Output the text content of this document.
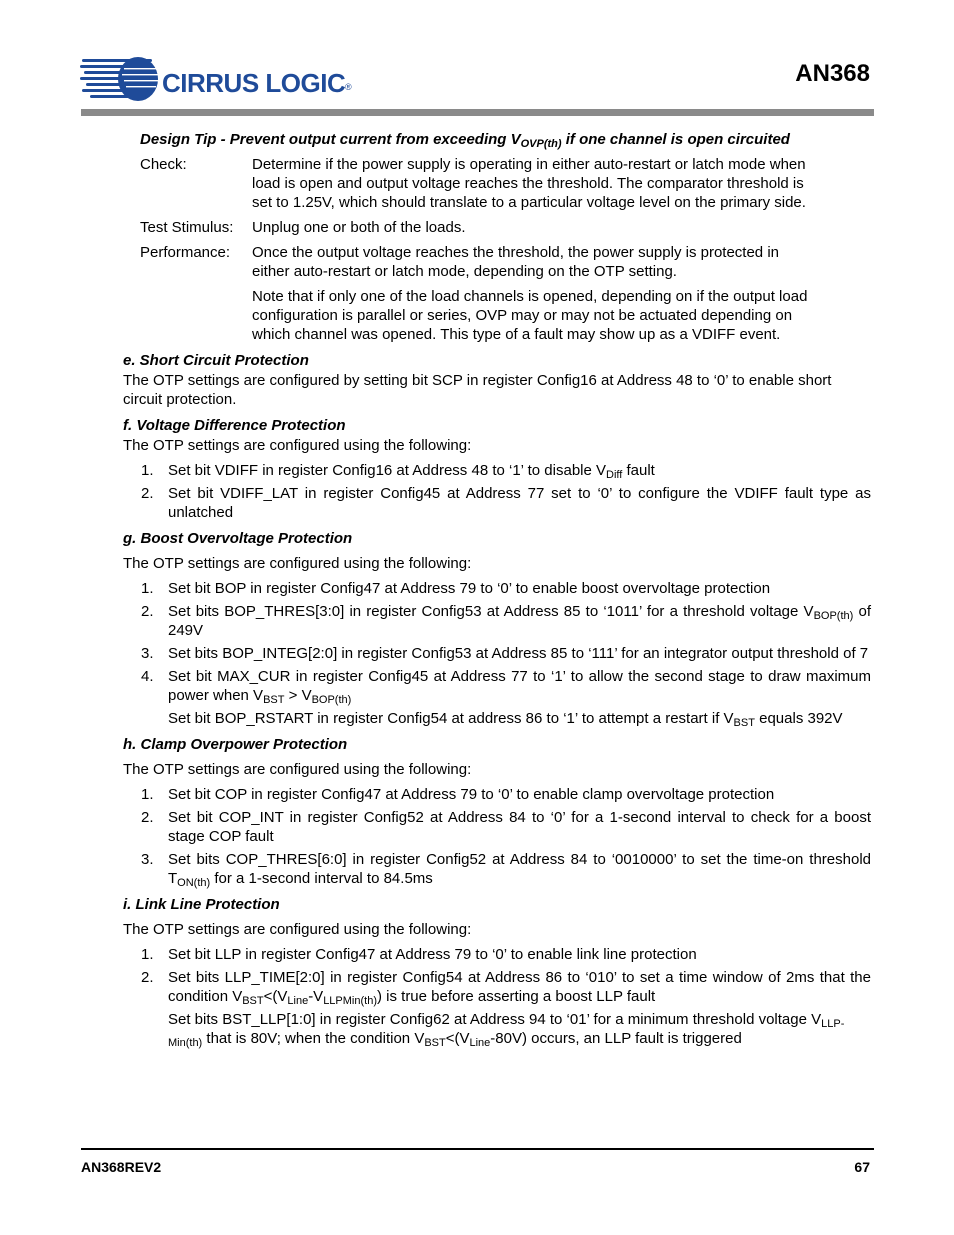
CIRRUS LOGIC ®	AN368
Design Tip - Prevent output current from exceeding $V_{OVP(th)}$ if one channel is open circuited
Check:	Determine if the power supply is operating in either auto-restart or latch mode when load is open and output voltage reaches the threshold. The comparator threshold is set to 1.25V, which should translate to a particular voltage level on the primary side.

Test Stimulus:	Unplug one or both of the loads.

Performance:	Once the output voltage reaches the threshold, the power supply is protected in either auto-restart or latch mode, depending on the OTP setting.

Note that if only one of the load channels is opened, depending on if the output load configuration is parallel or series, OVP may or may not be actuated depending on which channel was opened. This type of a fault may show up as a VDIFF event.

e. Short Circuit Protection
The OTP settings are configured by setting bit SCP in register Config16 at Address 48 to ‘0’ to enable short circuit protection.
f. Voltage Difference Protection
The OTP settings are configured using the following:
1. Set bit VDIFF in register Config16 at Address 48 to ‘1’ to disable $V_{Diff}$ fault
2. Set bit VDIFF_LAT in register Config45 at Address 77 set to ‘0’ to configure the VDIFF fault type as unlatched
g. Boost Overvoltage Protection
The OTP settings are configured using the following:
1. Set bit BOP in register Config47 at Address 79 to ‘0’ to enable boost overvoltage protection
2. Set bits BOP_THRES[3:0] in register Config53 at Address 85 to ‘1011’ for a threshold voltage $V_{BOP(th)}$ of 249V
3. Set bits BOP_INTEG[2:0] in register Config53 at Address 85 to ‘111’ for an integrator output threshold of 7
4. Set bit MAX_CUR in register Config45 at Address 77 to ‘1’ to allow the second stage to draw maximum power when $V_{BST} > V_{BOP(th)}$
Set bit BOP_RSTART in register Config54 at address 86 to ‘1’ to attempt a restart if $V_{BST}$ equals 392V
h. Clamp Overpower Protection
The OTP settings are configured using the following:
1. Set bit COP in register Config47 at Address 79 to ‘0’ to enable clamp overvoltage protection
2. Set bit COP_INT in register Config52 at Address 84 to ‘0’ for a 1-second interval to check for a boost stage COP fault
3. Set bits COP_THRES[6:0] in register Config52 at Address 84 to ‘0010000’ to set the time-on threshold $T_{ON(th)}$ for a 1-second interval to 84.5ms
i. Link Line Protection
The OTP settings are configured using the following:
1. Set bit LLP in register Config47 at Address 79 to ‘0’ to enable link line protection
2. Set bits LLP_TIME[2:0] in register Config54 at Address 86 to ‘010’ to set a time window of 2ms that the condition $V_{BST}<(V_{Line}-V_{LLPMin(th)})$ is true before asserting a boost LLP fault
Set bits BST_LLP[1:0] in register Config62 at Address 94 to ‘01’ for a minimum threshold voltage $V_{LLP-Min(th)}$ that is 80V; when the condition $V_{BST}<(V_{Line}-80V)$ occurs, an LLP fault is triggered
AN368REV2	67
